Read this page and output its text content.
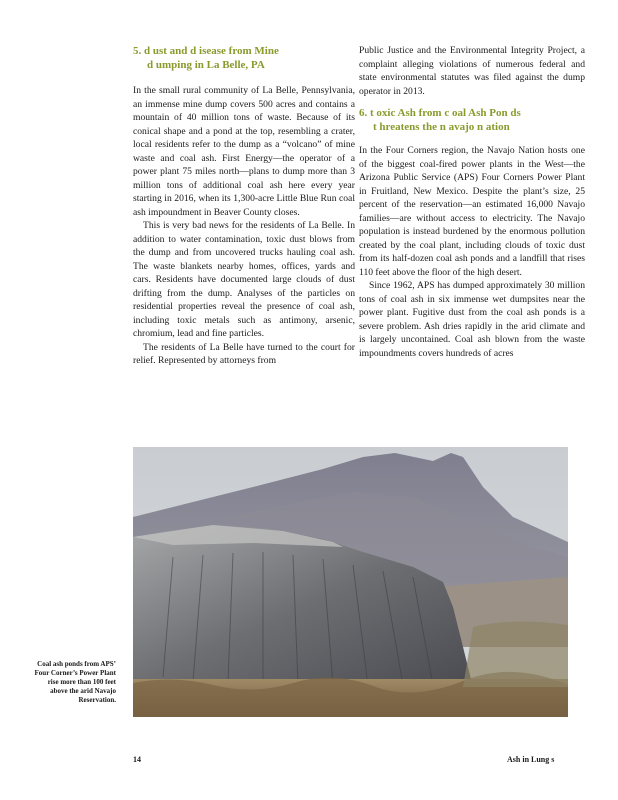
5. d ust and d isease from Mine
d umping in La Belle, PA

In the small rural community of La Belle, Pennsylvania, an immense mine dump covers 500 acres and contains a mountain of 40 million tons of waste. Because of its conical shape and a pond at the top, resembling a crater, local residents refer to the dump as a “volcano” of mine waste and coal ash. First Energy—the operator of a power plant 75 miles north—plans to dump more than 3 million tons of additional coal ash here every year starting in 2016, when its 1,300-acre Little Blue Run coal ash impoundment in Beaver County closes.

This is very bad news for the residents of La Belle. In addition to water contamination, toxic dust blows from the dump and from uncovered trucks hauling coal ash. The waste blankets nearby homes, offices, yards and cars. Residents have documented large clouds of dust drifting from the dump. Analyses of the particles on residential properties reveal the presence of coal ash, including toxic metals such as antimony, arsenic, chromium, lead and fine particles.

The residents of La Belle have turned to the court for relief. Represented by attorneys from

Public Justice and the Environmental Integrity Project, a complaint alleging violations of numerous federal and state environmental statutes was filed against the dump operator in 2013.

6. t oxic Ash from c oal Ash Pon ds
t hreatens the n avajo n ation

In the Four Corners region, the Navajo Nation hosts one of the biggest coal-fired power plants in the West—the Arizona Public Service (APS) Four Corners Power Plant in Fruitland, New Mexico. Despite the plant’s size, 25 percent of the reservation—an estimated 16,000 Navajo families—are without access to electricity. The Navajo population is instead burdened by the enormous pollution created by the coal plant, including clouds of toxic dust from its half-dozen coal ash ponds and a landfill that rises 110 feet above the floor of the high desert.

Since 1962, APS has dumped approximately 30 million tons of coal ash in six immense wet dumpsites near the power plant. Fugitive dust from the coal ash ponds is a severe problem. Ash dries rapidly in the arid climate and is largely uncontained. Coal ash blown from the waste impoundments covers hundreds of acres

Coal ash ponds from APS’ Four Corner’s Power Plant rise more than 100 feet above the arid Navajo Reservation.
14	Ash in Lung s
